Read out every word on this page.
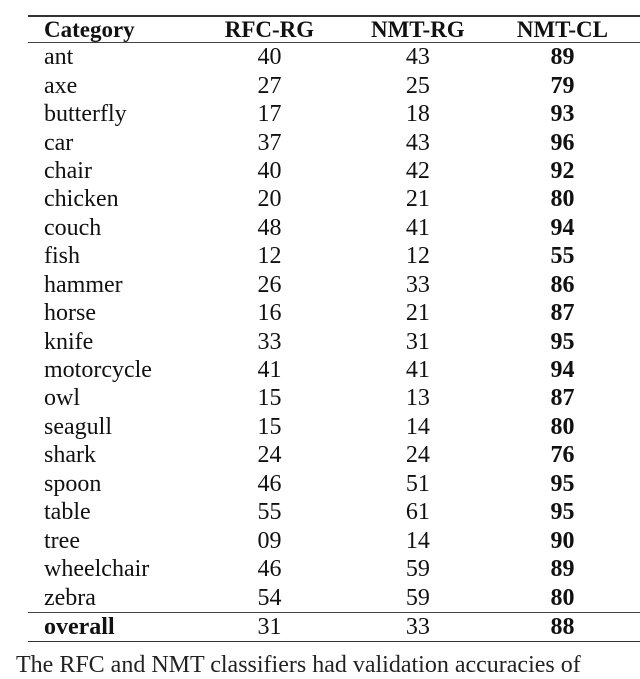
Category	RFC-RG	NMT-RG	NMT-CL
ant	40	43	89
axe	27	25	79
butterfly	17	18	93
car	37	43	96
chair	40	42	92
chicken	20	21	80
couch	48	41	94
fish	12	12	55
hammer	26	33	86
horse	16	21	87
knife	33	31	95
motorcycle	41	41	94
owl	15	13	87
seagull	15	14	80
shark	24	24	76
spoon	46	51	95
table	55	61	95
tree	09	14	90
wheelchair	46	59	89
zebra	54	59	80
overall	31	33	88
The RFC and NMT classifiers had validation accuracies of
